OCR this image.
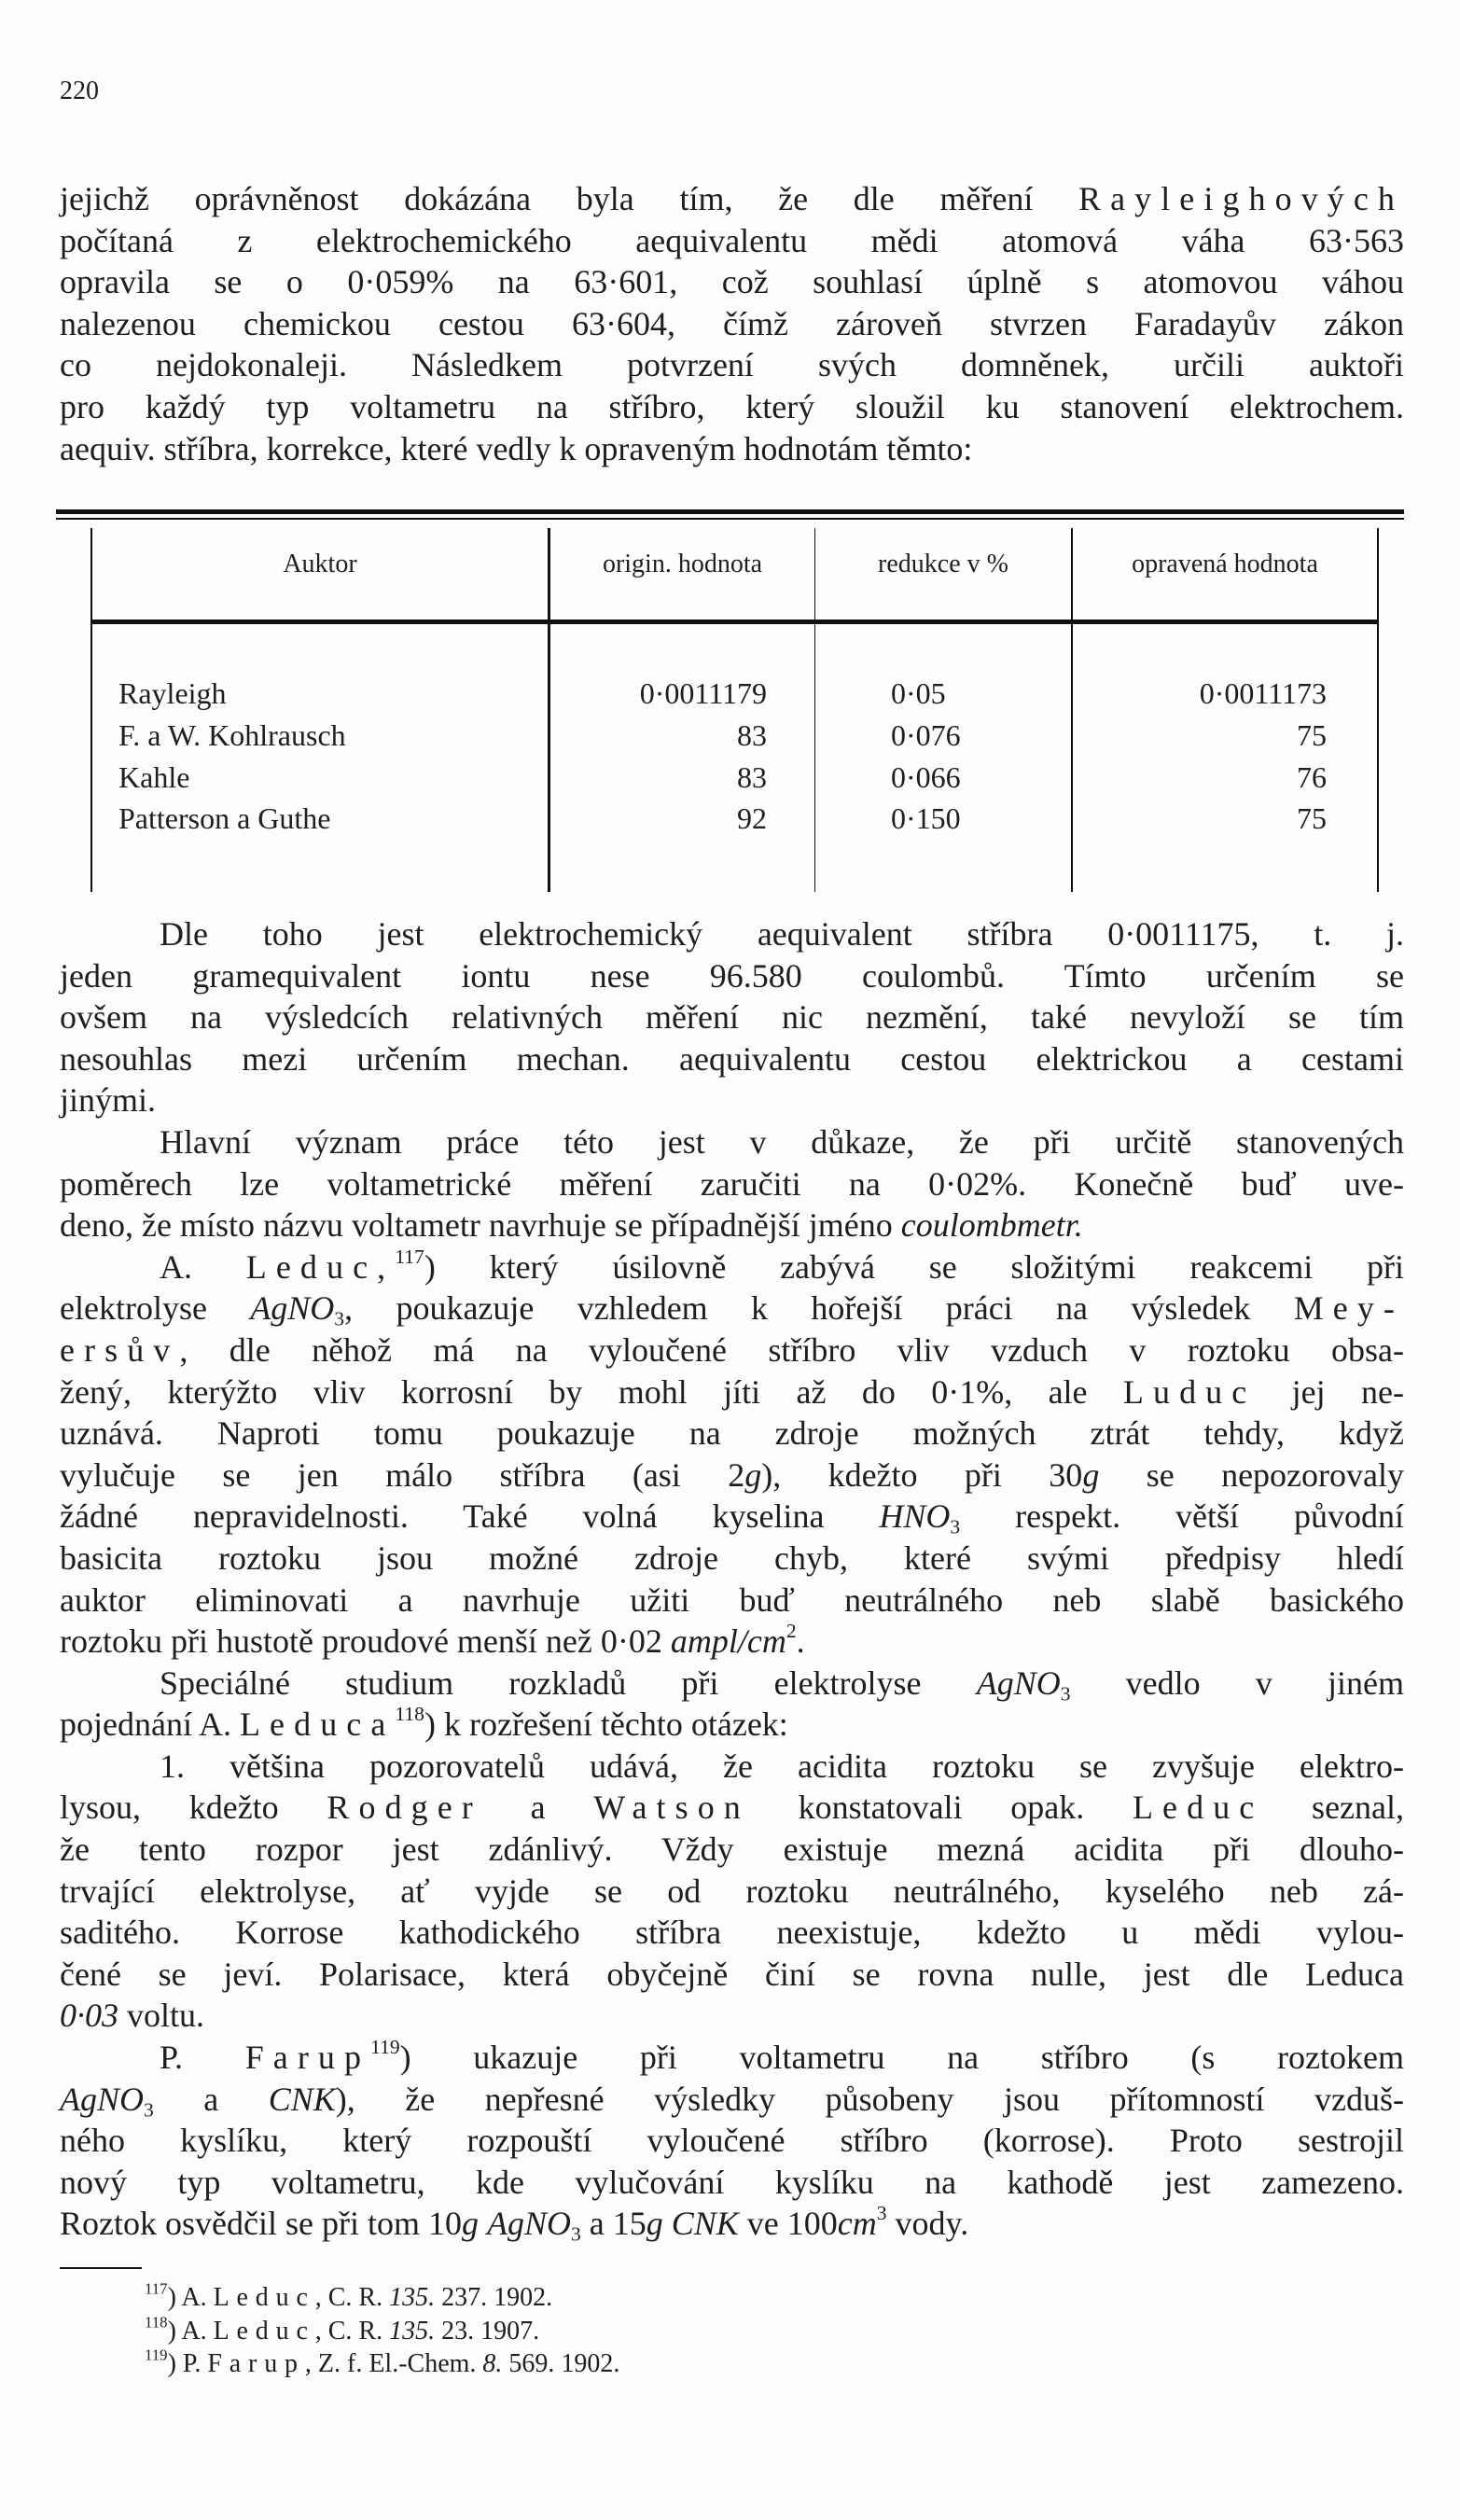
220
jejichž oprávněnost dokázána byla tím, že dle měření Rayleighových
počítaná z elektrochemického aequivalentu mědi atomová váha 63·563
opravila se o 0·059% na 63·601, což souhlasí úplně s atomovou váhou
nalezenou chemickou cestou 63·604, čímž zároveň stvrzen Faradayův zákon
co nejdokonaleji. Následkem potvrzení svých domněnek, určili auktoři
pro každý typ voltametru na stříbro, který sloužil ku stanovení elektrochem.
aequiv. stříbra, korrekce, které vedly k opraveným hodnotám těmto:
Auktor	origin. hodnota	redukce v %	opravená hodnota
Rayleigh	0·0011179	0·05	0·0011173
F. a W. Kohlrausch	83	0·076	75
Kahle	83	0·066	76
Patterson a Guthe	92	0·150	75
Dle toho jest elektrochemický aequivalent stříbra 0·0011175, t. j.
jeden gramequivalent iontu nese 96.580 coulombů. Tímto určením se
ovšem na výsledcích relativných měření nic nezmění, také nevyloží se tím
nesouhlas mezi určením mechan. aequivalentu cestou elektrickou a cestami
jinými.
Hlavní význam práce této jest v důkaze, že při určitě stanovených
poměrech lze voltametrické měření zaručiti na 0·02%. Konečně buď uve-
deno, že místo názvu voltametr navrhuje se případnější jméno coulombmetr.
A. Leduc,$^{117}$) který úsilovně zabývá se složitými reakcemi při
elektrolyse AgNO$_3$, poukazuje vzhledem k hořejší práci na výsledek Mey-
ersův, dle něhož má na vyloučené stříbro vliv vzduch v roztoku obsa-
žený, kterýžto vliv korrosní by mohl jíti až do 0·1%, ale Luduc jej ne-
uznává. Naproti tomu poukazuje na zdroje možných ztrát tehdy, když
vylučuje se jen málo stříbra (asi 2g), kdežto při 30g se nepozorovaly
žádné nepravidelnosti. Také volná kyselina $HNO_3$ respekt. větší původní
basicita roztoku jsou možné zdroje chyb, které svými předpisy hledí
auktor eliminovati a navrhuje užiti buď neutrálného neb slabě basického
roztoku při hustotě proudové menší než 0·02 ampl/$cm^2$.
Speciálné studium rozkladů při elektrolyse AgNO$_3$ vedlo v jiném
pojednání A. Leduca$^{118}$) k rozřešení těchto otázek:
1. většina pozorovatelů udává, že acidita roztoku se zvyšuje elektro-
lysou, kdežto Rodger a Watson konstatovali opak. Leduc seznal,
že tento rozpor jest zdánlivý. Vždy existuje mezná acidita při dlouho-
trvající elektrolyse, ať vyjde se od roztoku neutrálného, kyselého neb zá-
saditého. Korrose kathodického stříbra neexistuje, kdežto u mědi vylou-
čené se jeví. Polarisace, která obyčejně činí se rovna nulle, jest dle Leduca
0·03 voltu.
P. Farup$^{119}$) ukazuje při voltametru na stříbro (s roztokem
AgNO$_3$ a CNK), že nepřesné výsledky působeny jsou přítomností vzduš-
ného kyslíku, který rozpouští vyloučené stříbro (korrose). Proto sestrojil
nový typ voltametru, kde vylučování kyslíku na kathodě jest zamezeno.
Roztok osvědčil se při tom 10g AgNO$_3$ a 15g CNK ve $100cm^3$ vody.
$^{117}$) A. Leduc, C. R. 135. 237. 1902.
$^{118}$) A. Leduc, C. R. 135. 23. 1907.
$^{119}$) P. Farup, Z. f. El.-Chem. 8. 569. 1902.
